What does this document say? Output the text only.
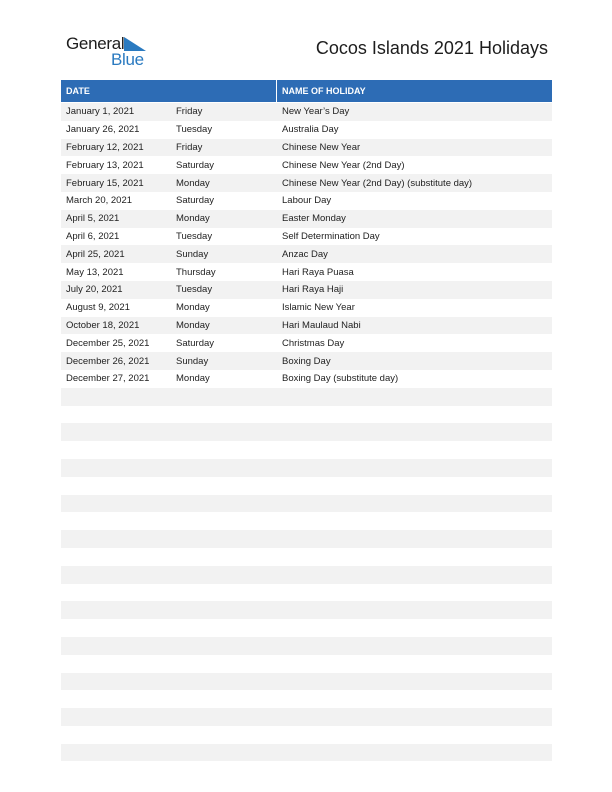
General
Blue
Cocos Islands 2021 Holidays
DATE	NAME OF HOLIDAY
January 1, 2021	Friday	New Year’s Day
January 26, 2021	Tuesday	Australia Day
February 12, 2021	Friday	Chinese New Year
February 13, 2021	Saturday	Chinese New Year (2nd Day)
February 15, 2021	Monday	Chinese New Year (2nd Day) (substitute day)
March 20, 2021	Saturday	Labour Day
April 5, 2021	Monday	Easter Monday
April 6, 2021	Tuesday	Self Determination Day
April 25, 2021	Sunday	Anzac Day
May 13, 2021	Thursday	Hari Raya Puasa
July 20, 2021	Tuesday	Hari Raya Haji
August 9, 2021	Monday	Islamic New Year
October 18, 2021	Monday	Hari Maulaud Nabi
December 25, 2021	Saturday	Christmas Day
December 26, 2021	Sunday	Boxing Day
December 27, 2021	Monday	Boxing Day (substitute day)
